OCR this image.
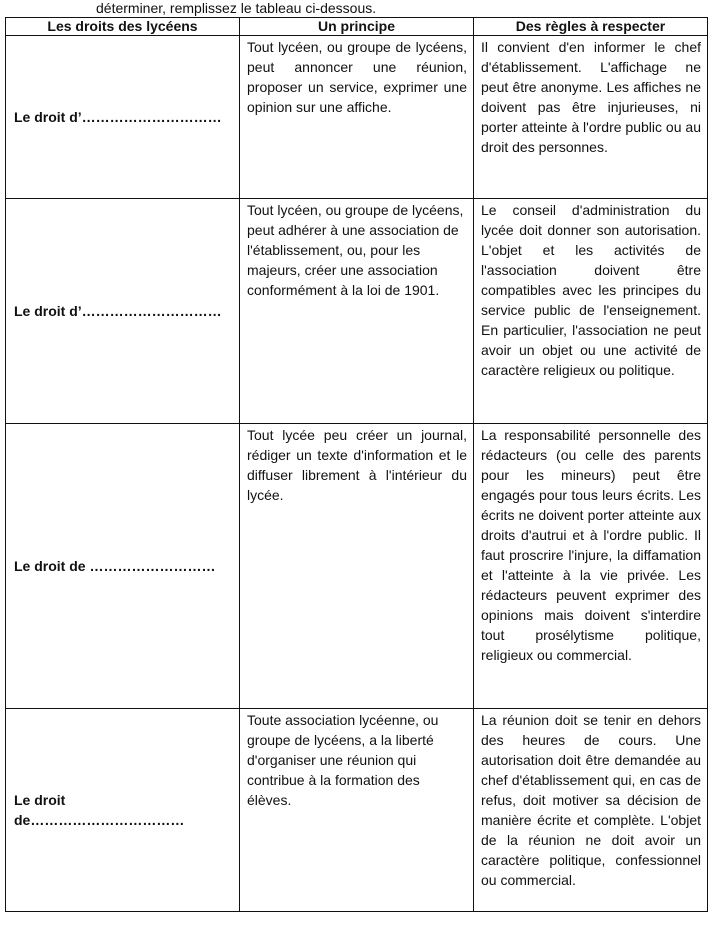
déterminer, remplissez le tableau ci-dessous.
Les droits des lycéens	Un principe	Des règles à respecter
Le droit d’…………………………	Tout lycéen, ou groupe de lycéens, peut annoncer une réunion, proposer un service, exprimer une opinion sur une affiche.	Il convient d'en informer le chef d'établissement. L'affichage ne peut être anonyme. Les affiches ne doivent pas être injurieuses, ni porter atteinte à l'ordre public ou au droit des personnes.
Le droit d’…………………………	Tout lycéen, ou groupe de lycéens, peut adhérer à une association de l'établissement, ou, pour les majeurs, créer une association conformément à la loi de 1901.	Le conseil d'administration du lycée doit donner son autorisation. L'objet et les activités de l'association doivent être compatibles avec les principes du service public de l'enseignement. En particulier, l'association ne peut avoir un objet ou une activité de caractère religieux ou politique.
Le droit de ………………………	Tout lycée peu créer un journal, rédiger un texte d'information et le diffuser librement à l'intérieur du lycée.	La responsabilité personnelle des rédacteurs (ou celle des parents pour les mineurs) peut être engagés pour tous leurs écrits. Les écrits ne doivent porter atteinte aux droits d'autrui et à l'ordre public. Il faut proscrire l'injure, la diffamation et l'atteinte à la vie privée. Les rédacteurs peuvent exprimer des opinions mais doivent s'interdire tout prosélytisme politique, religieux ou commercial.
Le droit de……………………………	Toute association lycéenne, ou groupe de lycéens, a la liberté d'organiser une réunion qui contribue à la formation des élèves.	La réunion doit se tenir en dehors des heures de cours. Une autorisation doit être demandée au chef d'établissement qui, en cas de refus, doit motiver sa décision de manière écrite et complète. L'objet de la réunion ne doit avoir un caractère politique, confessionnel ou commercial.
